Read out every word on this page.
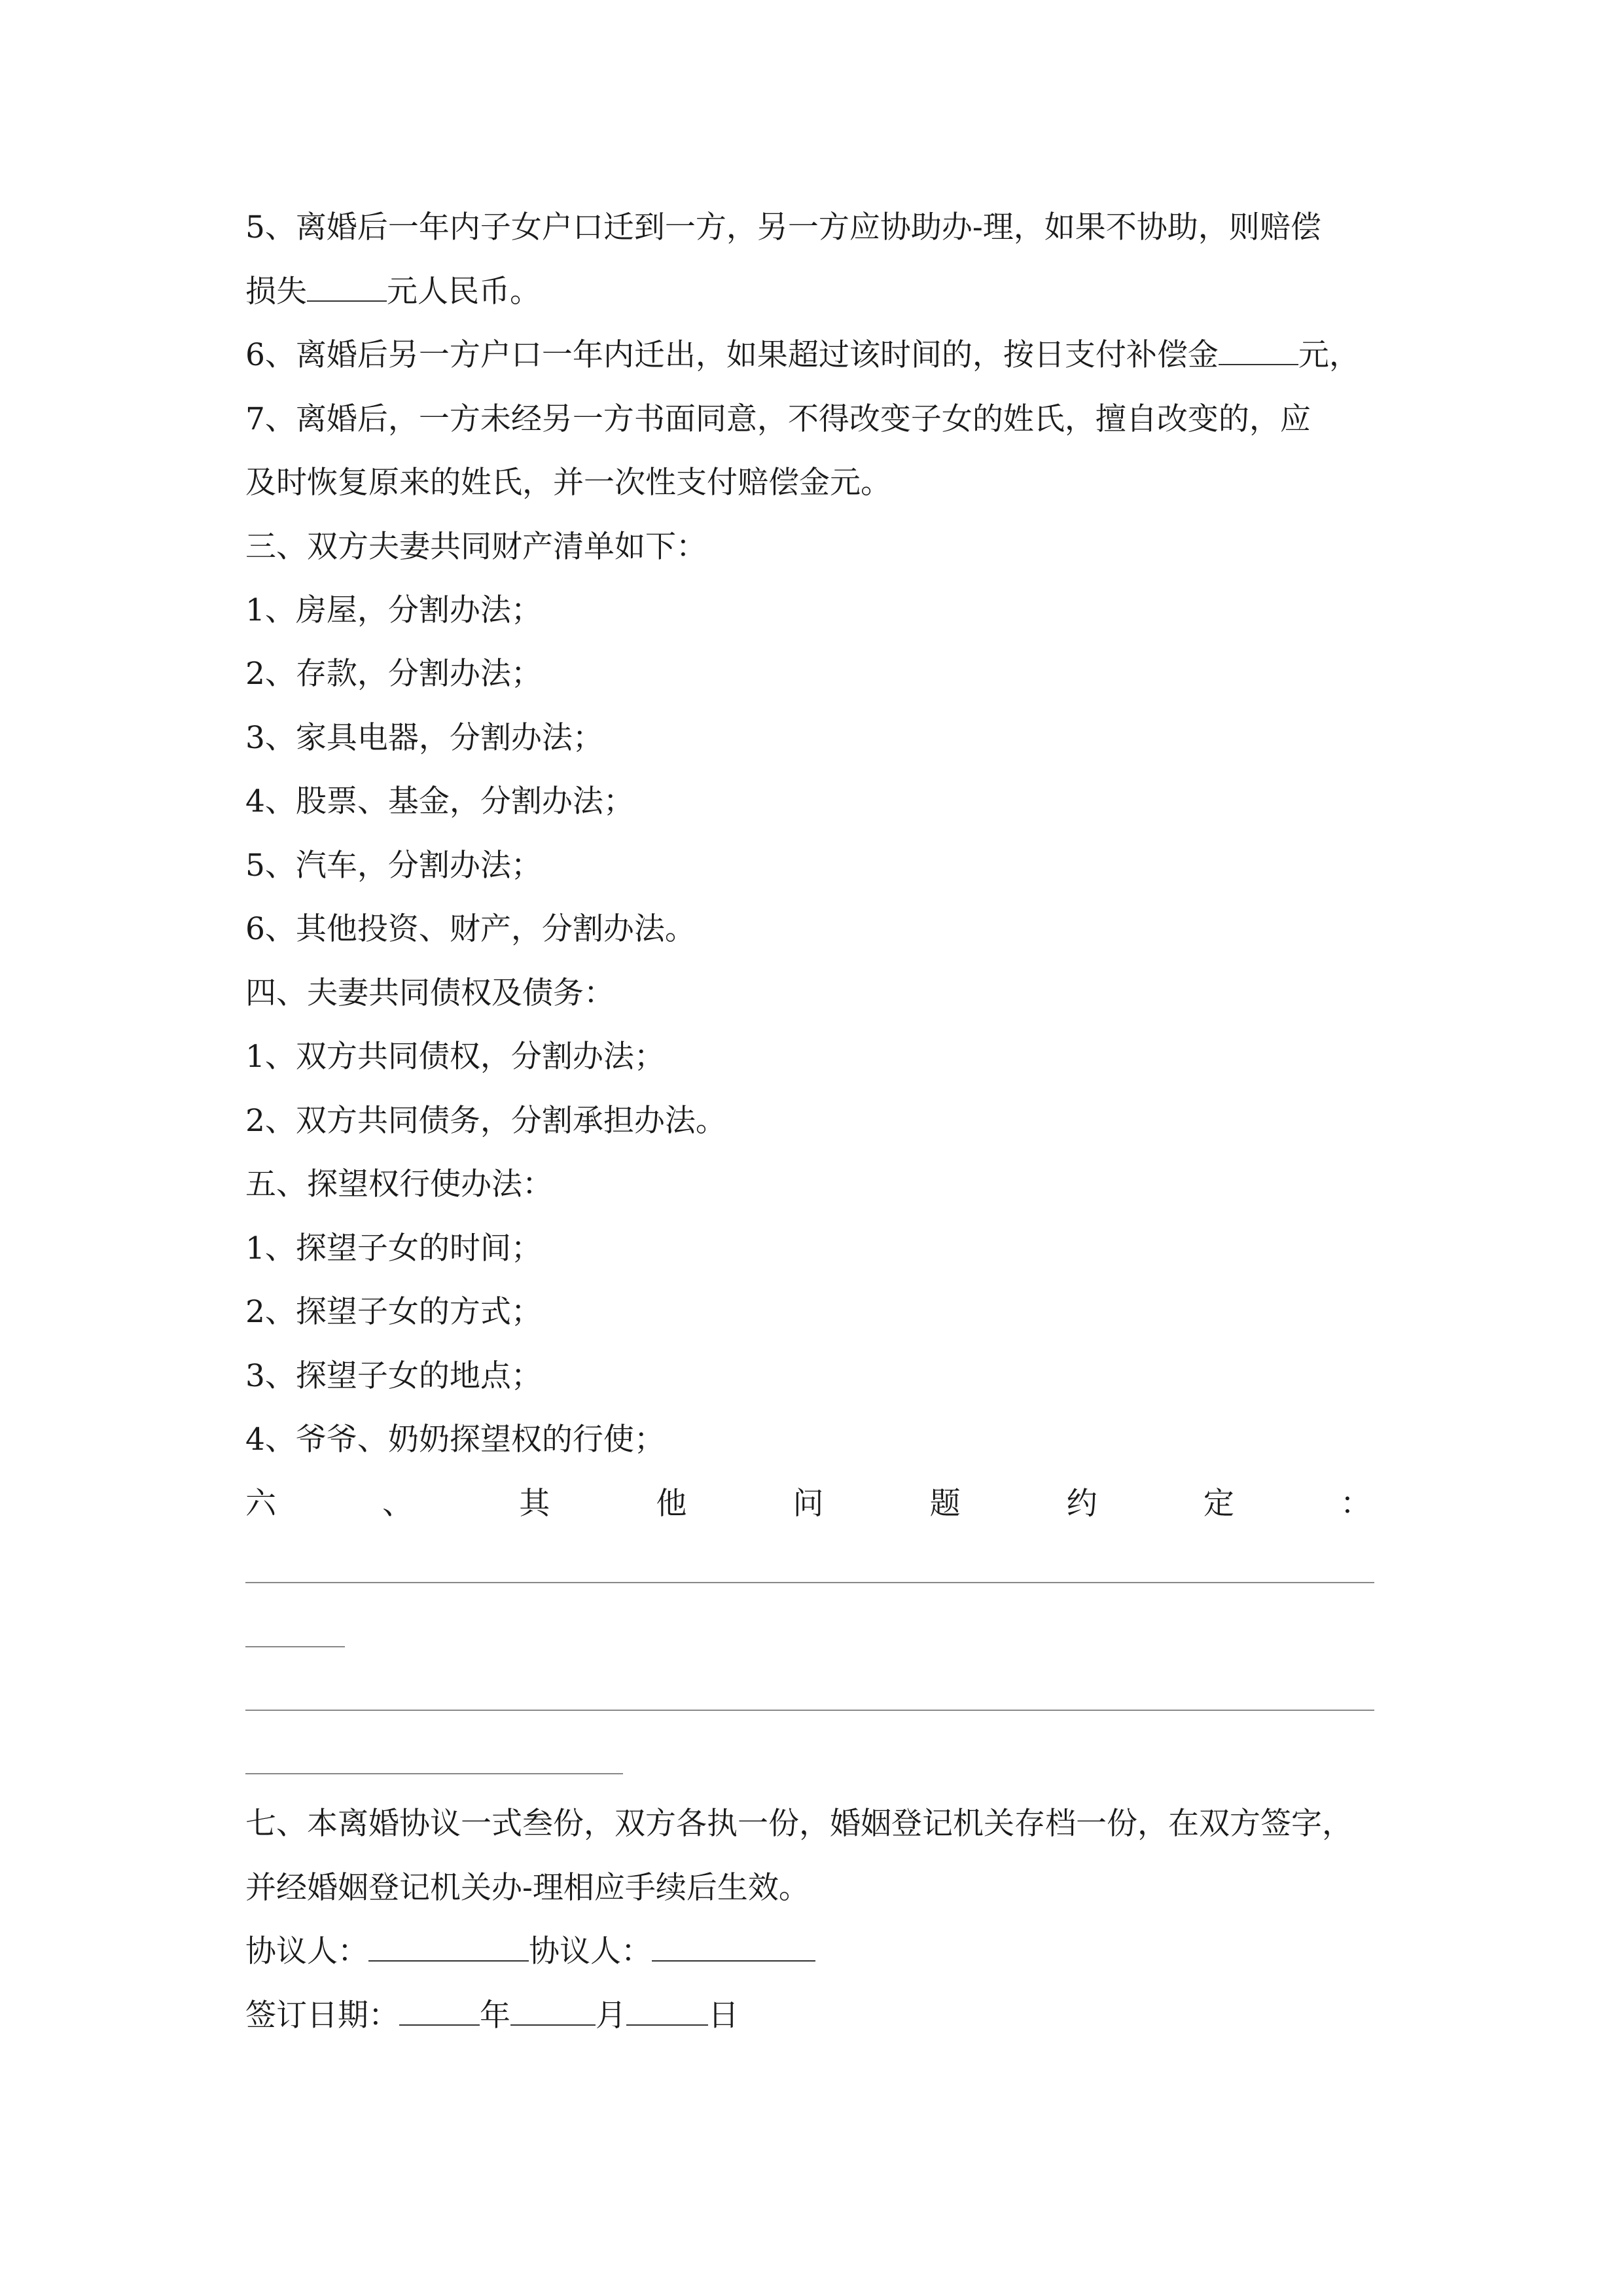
5、离婚后一年内子女户口迁到一方，另一方应协助办-理，如果不协助，则赔偿
损失	元人民币。
6、离婚后另一方户口一年内迁出，如果超过该时间的，按日支付补偿金	元，
7、离婚后，一方未经另一方书面同意，不得改变子女的姓氏，擅自改变的，应
及时恢复原来的姓氏，并一次性支付赔偿金元。
三、双方夫妻共同财产清单如下：
1、房屋，分割办法；
2、存款，分割办法；
3、家具电器，分割办法；
4、股票、基金，分割办法；
5、汽车，分割办法；
6、其他投资、财产，分割办法。
四、夫妻共同债权及债务：
1、双方共同债权，分割办法；
2、双方共同债务，分割承担办法。
五、探望权行使办法：
1、探望子女的时间；
2、探望子女的方式；
3、探望子女的地点；
4、爷爷、奶奶探望权的行使；
六	、	其	他	问	题	约	定	：
七、本离婚协议一式叁份，双方各执一份，婚姻登记机关存档一份，在双方签字，
并经婚姻登记机关办-理相应手续后生效。
协议人：	协议人：
签订日期：	年	月	日
